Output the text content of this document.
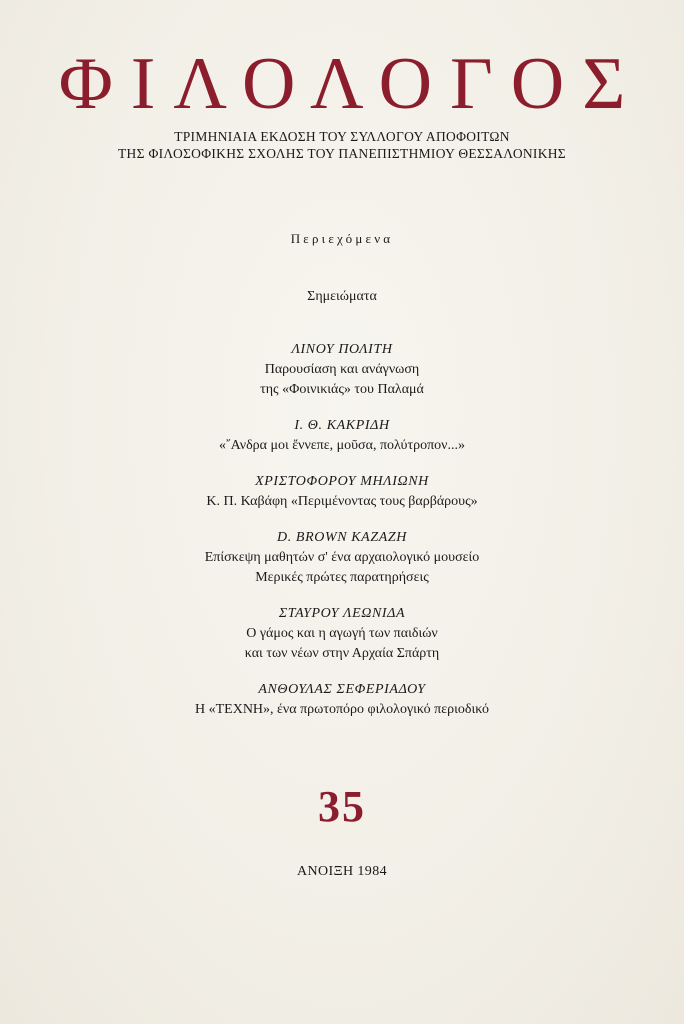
ΦΙΛΟΛΟΓΟΣ

ΤΡΙΜΗΝΙΑΙΑ ΕΚΔΟΣΗ ΤΟΥ ΣΥΛΛΟΓΟΥ ΑΠΟΦΟΙΤΩΝ

ΤΗΣ ΦΙΛΟΣΟΦΙΚΗΣ ΣΧΟΛΗΣ ΤΟΥ ΠΑΝΕΠΙΣΤΗΜΙΟΥ ΘΕΣΣΑΛΟΝΙΚΗΣ

Περιεχόμενα
Σημειώματα
ΛΙΝΟΥ ΠΟΛΙΤΗ
Παρουσίαση και ανάγνωση
της «Φοινικιάς» του Παλαμά
Ι. Θ. ΚΑΚΡΙΔΗ
«῎Ανδρα μοι ἔννεπε, μοῦσα, πολύτροπον...»
ΧΡΙΣΤΟΦΟΡΟΥ ΜΗΛΙΩΝΗ
Κ. Π. Καβάφη «Περιμένοντας τους βαρβάρους»
D. BROWN ΚΑΖΑΖΗ
Επίσκεψη μαθητών σ' ένα αρχαιολογικό μουσείο
Μερικές πρώτες παρατηρήσεις
ΣΤΑΥΡΟΥ ΛΕΩΝΙΔΑ
Ο γάμος και η αγωγή των παιδιών
και των νέων στην Αρχαία Σπάρτη
ΑΝΘΟΥΛΑΣ ΣΕΦΕΡΙΑΔΟΥ
Η «ΤΕΧΝΗ», ένα πρωτοπόρο φιλολογικό περιοδικό
35
ΑΝΟΙΞΗ 1984
